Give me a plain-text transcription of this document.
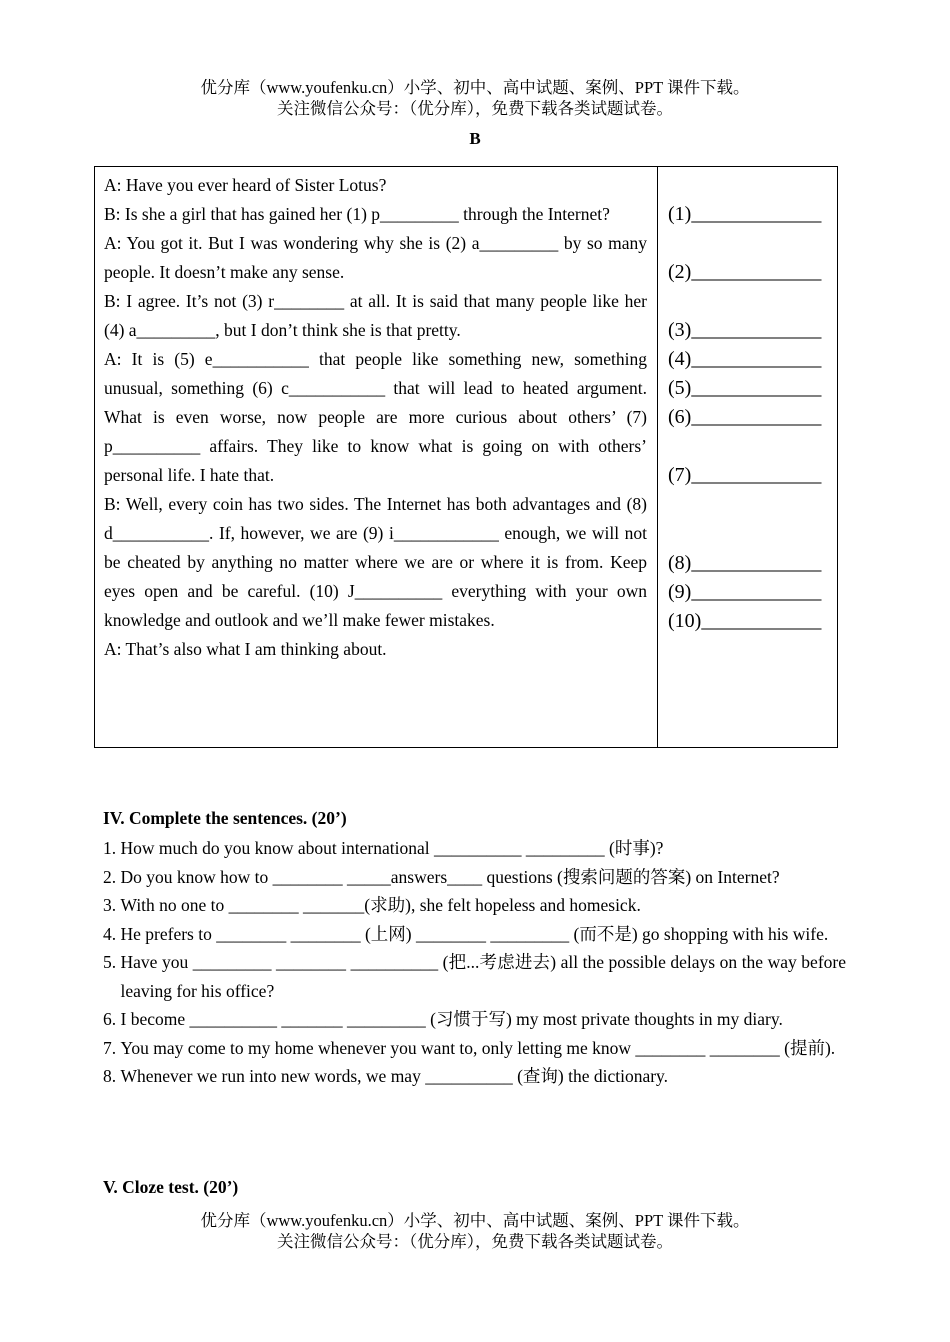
优分库（www.youfenku.cn）小学、初中、高中试题、案例、PPT 课件下载。
关注微信公众号：（优分库），免费下载各类试题试卷。
B

A: Have you ever heard of Sister Lotus?

B: Is she a girl that has gained her (1) p_________ through the Internet?

A: You got it. But I was wondering why she is (2) a_________ by so many people. It doesn’t make any sense.

B: I agree. It’s not (3) r________ at all. It is said that many people like her (4) a_________, but I don’t think she is that pretty.

A: It is (5) e___________ that people like something new, something unusual, something (6) c___________ that will lead to heated argument. What is even worse, now people are more curious about others’ (7) p__________ affairs. They like to know what is going on with others’ personal life. I hate that.

B: Well, every coin has two sides. The Internet has both advantages and (8) d___________. If, however, we are (9) i____________ enough, we will not be cheated by anything no matter where we are or where it is from. Keep eyes open and be careful. (10) J__________ everything with your own knowledge and outlook and we’ll make fewer mistakes.

A: That’s also what I am thinking about.

(1)_____________
(2)_____________
(3)_____________
(4)_____________
(5)_____________
(6)_____________
(7)_____________
(8)_____________
(9)_____________
(10)____________
IV. Complete the sentences. (20’)
1. How much do you know about international __________ _________ (时事)?
2. Do you know how to ________ _____answers____ questions (搜索问题的答案) on Internet?
3. With no one to ________ _______(求助), she felt hopeless and homesick.
4. He prefers to ________ ________ (上网) ________ _________ (而不是) go shopping with his wife.
5. Have you _________ ________ __________ (把...考虑进去) all the possible delays on the way before leaving for his office?
6. I become __________ _______ _________ (习惯于写) my most private thoughts in my diary.
7. You may come to my home whenever you want to, only letting me know ________ ________ (提前).
8. Whenever we run into new words, we may __________ (查询) the dictionary.
V. Cloze test. (20’)
优分库（www.youfenku.cn）小学、初中、高中试题、案例、PPT 课件下载。
关注微信公众号：（优分库），免费下载各类试题试卷。
